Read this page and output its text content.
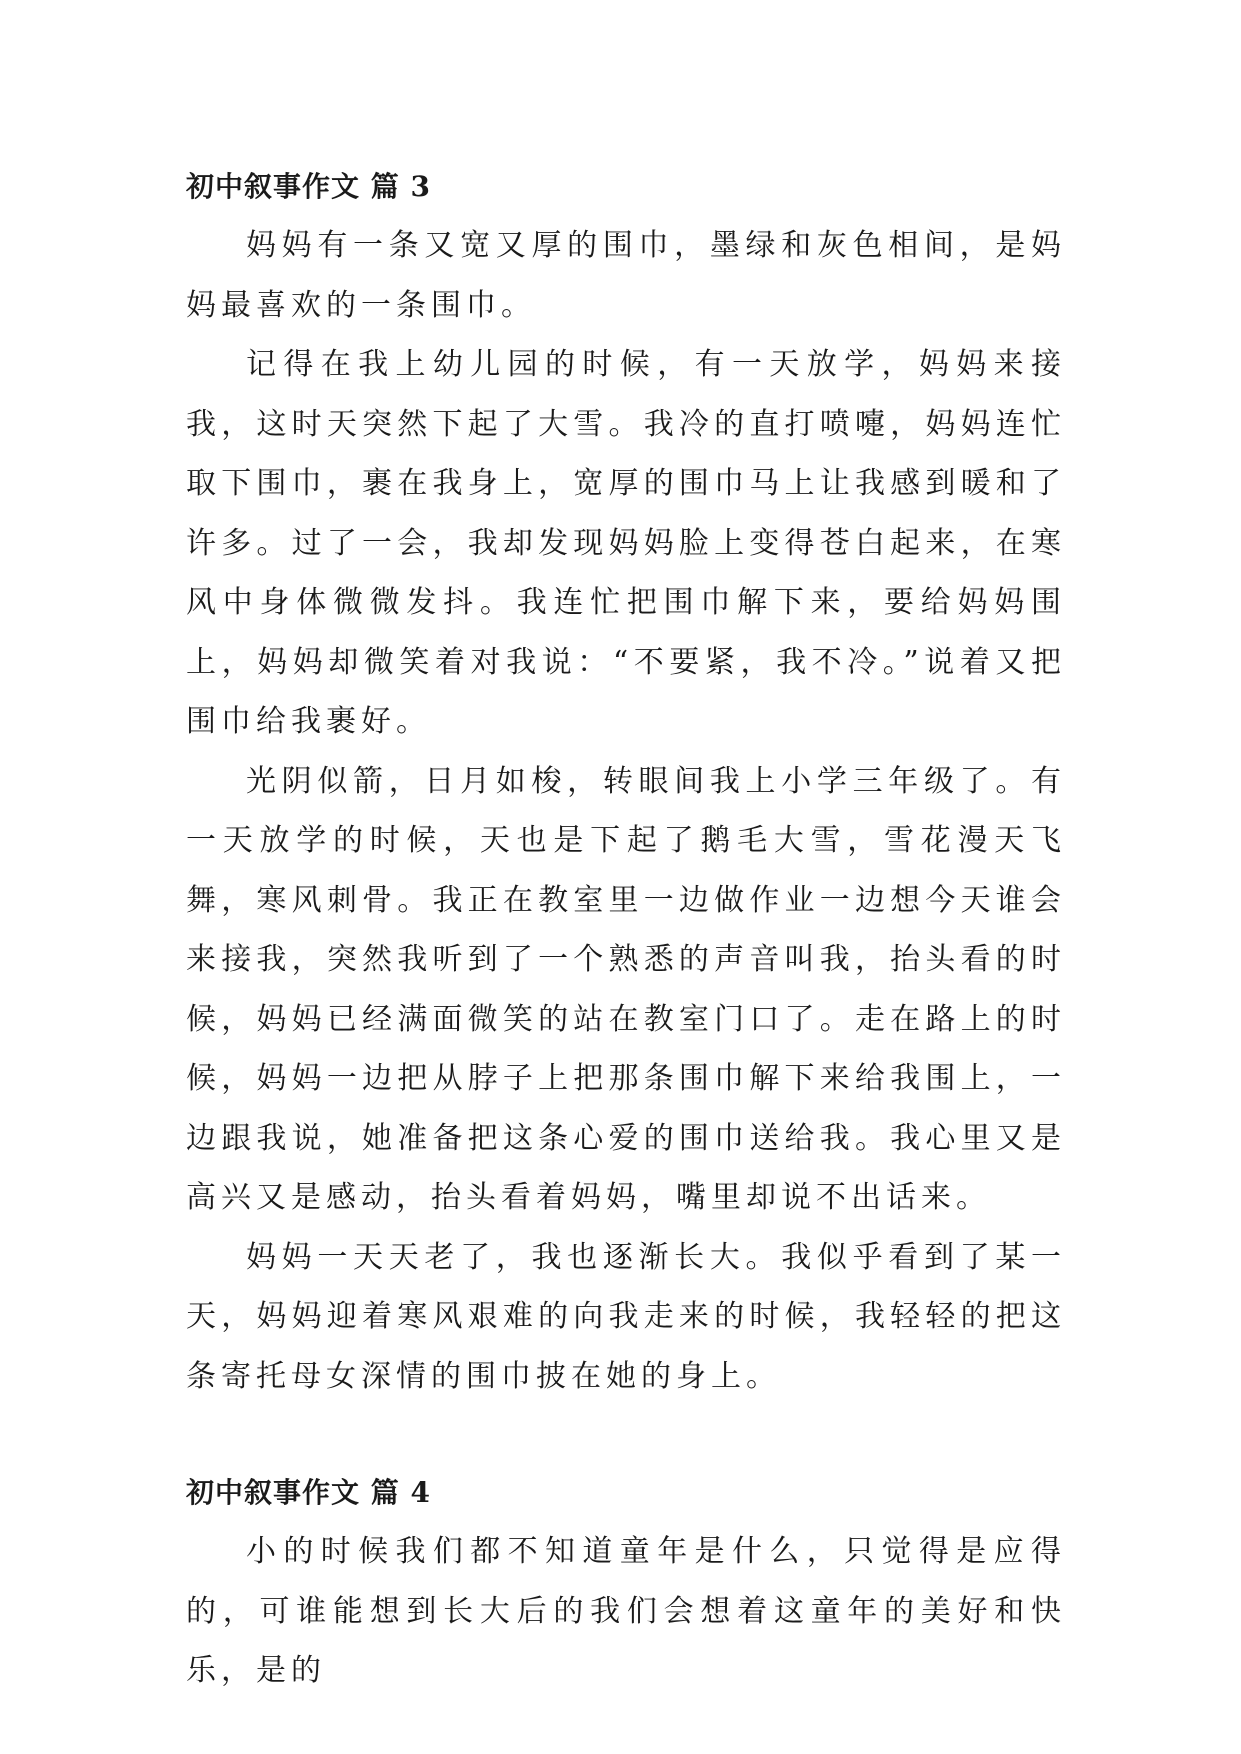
初中叙事作文 篇 3

妈妈有一条又宽又厚的围巾，墨绿和灰色相间，是妈妈最喜欢的一条围巾。

记得在我上幼儿园的时候，有一天放学，妈妈来接我，这时天突然下起了大雪。我冷的直打喷嚏，妈妈连忙取下围巾，裹在我身上，宽厚的围巾马上让我感到暖和了许多。过了一会，我却发现妈妈脸上变得苍白起来，在寒风中身体微微发抖。我连忙把围巾解下来，要给妈妈围上，妈妈却微笑着对我说：“不要紧，我不冷。”说着又把围巾给我裹好。

光阴似箭，日月如梭，转眼间我上小学三年级了。有一天放学的时候，天也是下起了鹅毛大雪，雪花漫天飞舞，寒风刺骨。我正在教室里一边做作业一边想今天谁会来接我，突然我听到了一个熟悉的声音叫我，抬头看的时候，妈妈已经满面微笑的站在教室门口了。走在路上的时候，妈妈一边把从脖子上把那条围巾解下来给我围上，一边跟我说，她准备把这条心爱的围巾送给我。我心里又是高兴又是感动，抬头看着妈妈，嘴里却说不出话来。

妈妈一天天老了，我也逐渐长大。我似乎看到了某一天，妈妈迎着寒风艰难的向我走来的时候，我轻轻的把这条寄托母女深情的围巾披在她的身上。

初中叙事作文 篇 4

小的时候我们都不知道童年是什么，只觉得是应得的，可谁能想到长大后的我们会想着这童年的美好和快乐，是的
